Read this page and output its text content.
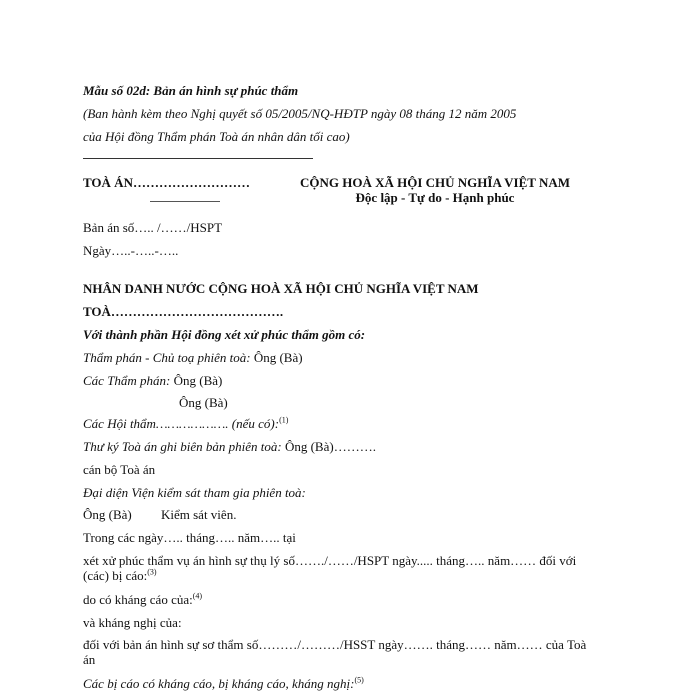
Mẫu số 02d: Bản án hình sự phúc thẩm
(Ban hành kèm theo Nghị quyết số 05/2005/NQ-HĐTP ngày 08 tháng 12 năm 2005
của Hội đồng Thẩm phán Toà án nhân dân tối cao)
TOÀ ÁN………………………	CỘNG HOÀ XÃ HỘI CHỦ NGHĨA VIỆT NAM
Độc lập - Tự do - Hạnh phúc
Bản án số….. /……/HSPT
Ngày…..-…..-…..
NHÂN DANH NƯỚC CỘNG HOÀ XÃ HỘI CHỦ NGHĨA VIỆT NAM
TOÀ………………………………….
Với thành phần Hội đồng xét xử phúc thẩm gồm có:
Thẩm phán - Chủ toạ phiên toà: Ông (Bà)
Các Thẩm phán: Ông (Bà)
Ông (Bà)
Các Hội thẩm………………. (nếu có):$^{(1)}$
Thư ký Toà án ghi biên bản phiên toà: Ông (Bà)……….
cán bộ Toà án
Đại diện Viện kiểm sát tham gia phiên toà:
Ông (Bà)         Kiểm sát viên.
Trong các ngày….. tháng….. năm….. tại
xét xử phúc thẩm vụ án hình sự thụ lý số……./……/HSPT ngày..... tháng….. năm…… đối với
(các) bị cáo:$^{(3)}$
do có kháng cáo của:$^{(4)}$
và kháng nghị của:
đối với bản án hình sự sơ thẩm số………/………/HSST ngày……. tháng…… năm…… của Toà
án
Các bị cáo có kháng cáo, bị kháng cáo, kháng nghị:$^{(5)}$
